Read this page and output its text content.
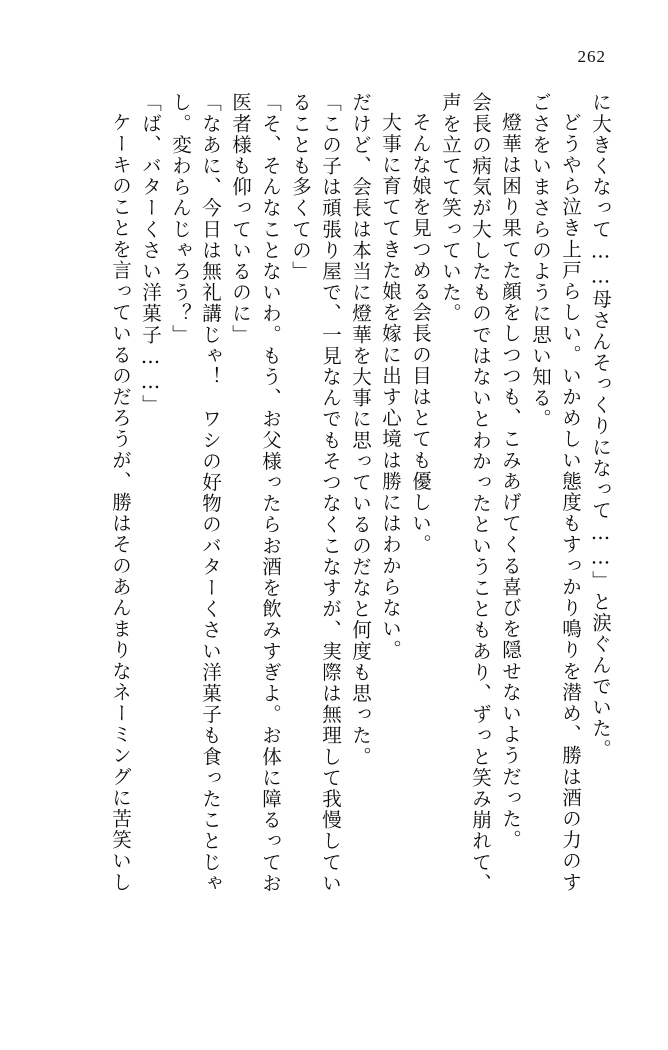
262
に大きくなって……母さんそっくりになって……」と涙ぐんでいた。
どうやら泣き上戸らしい。いかめしい態度もすっかり鳴りを潜め、勝は酒の力のす
ごさをいまさらのように思い知る。
燈華は困り果てた顔をしつつも、こみあげてくる喜びを隠せないようだった。
会長の病気が大したものではないとわかったということもあり、ずっと笑み崩れて、
声を立てて笑っていた。
そんな娘を見つめる会長の目はとても優しい。
大事に育ててきた娘を嫁に出す心境は勝にはわからない。
だけど、会長は本当に燈華を大事に思っているのだなと何度も思った。
「この子は頑張り屋で、一見なんでもそつなくこなすが、実際は無理して我慢してい
ることも多くての」
「そ、そんなことないわ。もう、お父様ったらお酒を飲みすぎよ。お体に障るってお
医者様も仰っているのに」
「なあに、今日は無礼講じゃ！　ワシの好物のバターくさい洋菓子も食ったことじゃ
し。変わらんじゃろう？」
「ば、バターくさい洋菓子……」
ケーキのことを言っているのだろうが、勝はそのあんまりなネーミングに苦笑いし
